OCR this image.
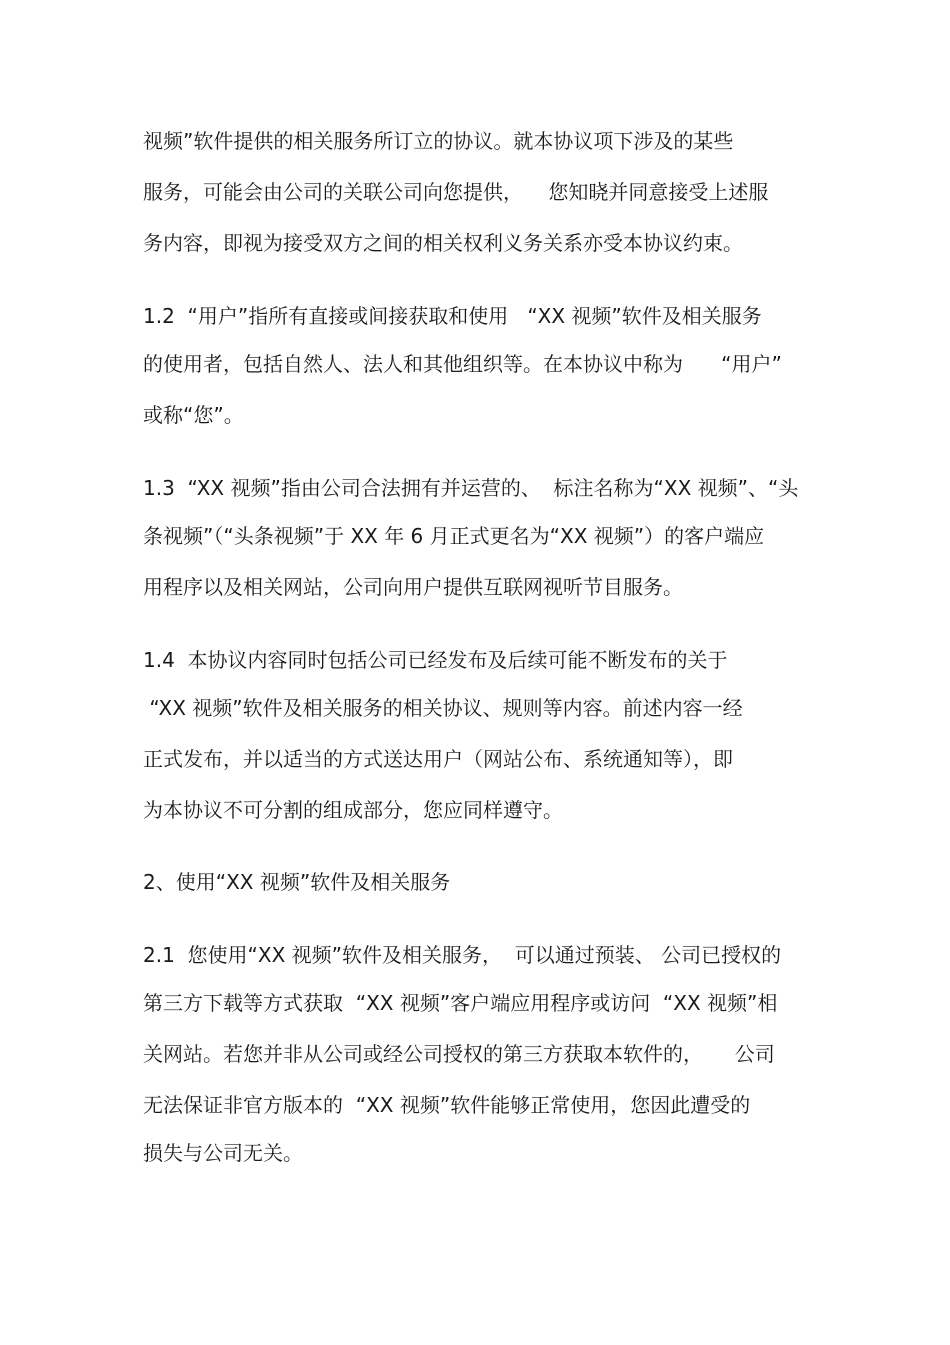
视频”软件提供的相关服务所订立的协议。就本协议项下涉及的某些
服务，可能会由公司的关联公司向您提供，    您知晓并同意接受上述服
务内容，即视为接受双方之间的相关权利义务关系亦受本协议约束。
1.2  “用户”指所有直接或间接获取和使用   “XX 视频”软件及相关服务
的使用者，包括自然人、法人和其他组织等。在本协议中称为      “用户”
或称“您”。
1.3  “XX 视频”指由公司合法拥有并运营的、  标注名称为“XX 视频”、“头
条视频”（“头条视频”于 XX 年 6 月正式更名为“XX 视频”）的客户端应
用程序以及相关网站，公司向用户提供互联网视听节目服务。
1.4  本协议内容同时包括公司已经发布及后续可能不断发布的关于
“XX 视频”软件及相关服务的相关协议、规则等内容。前述内容一经
正式发布，并以适当的方式送达用户（网站公布、系统通知等），即
为本协议不可分割的组成部分，您应同样遵守。
2、使用“XX 视频”软件及相关服务
2.1  您使用“XX 视频”软件及相关服务，  可以通过预装、 公司已授权的
第三方下载等方式获取  “XX 视频”客户端应用程序或访问  “XX 视频”相
关网站。若您并非从公司或经公司授权的第三方获取本软件的，     公司
无法保证非官方版本的  “XX 视频”软件能够正常使用，您因此遭受的
损失与公司无关。
